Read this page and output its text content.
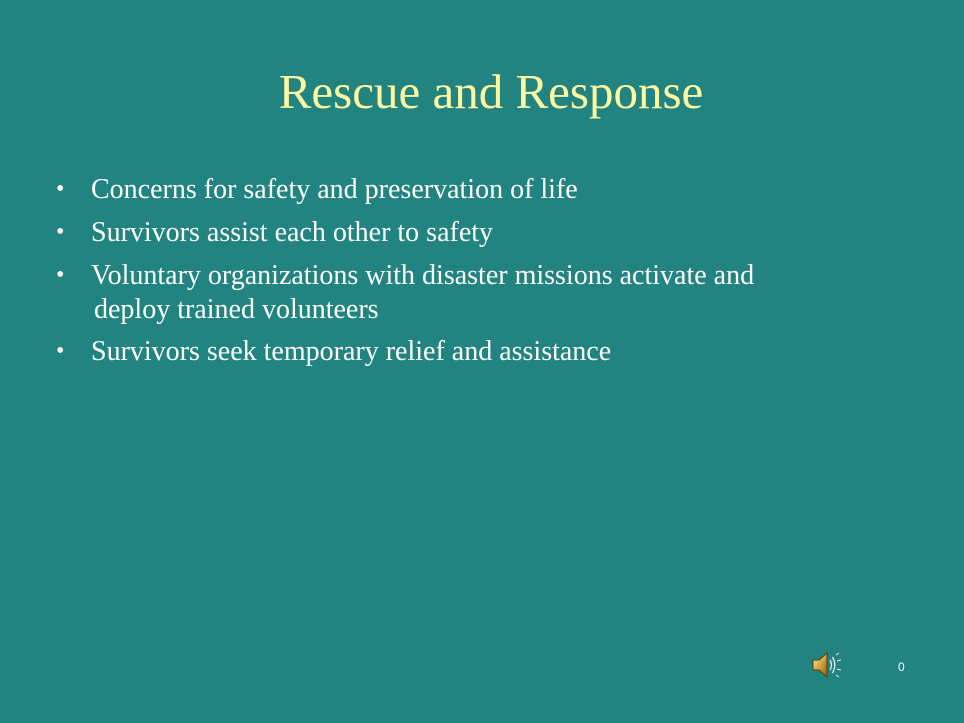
Rescue and Response
• Concerns for safety and preservation of life
• Survivors assist each other to safety
• Voluntary organizations with disaster missions activate and
deploy trained volunteers
• Survivors seek temporary relief and assistance
0
